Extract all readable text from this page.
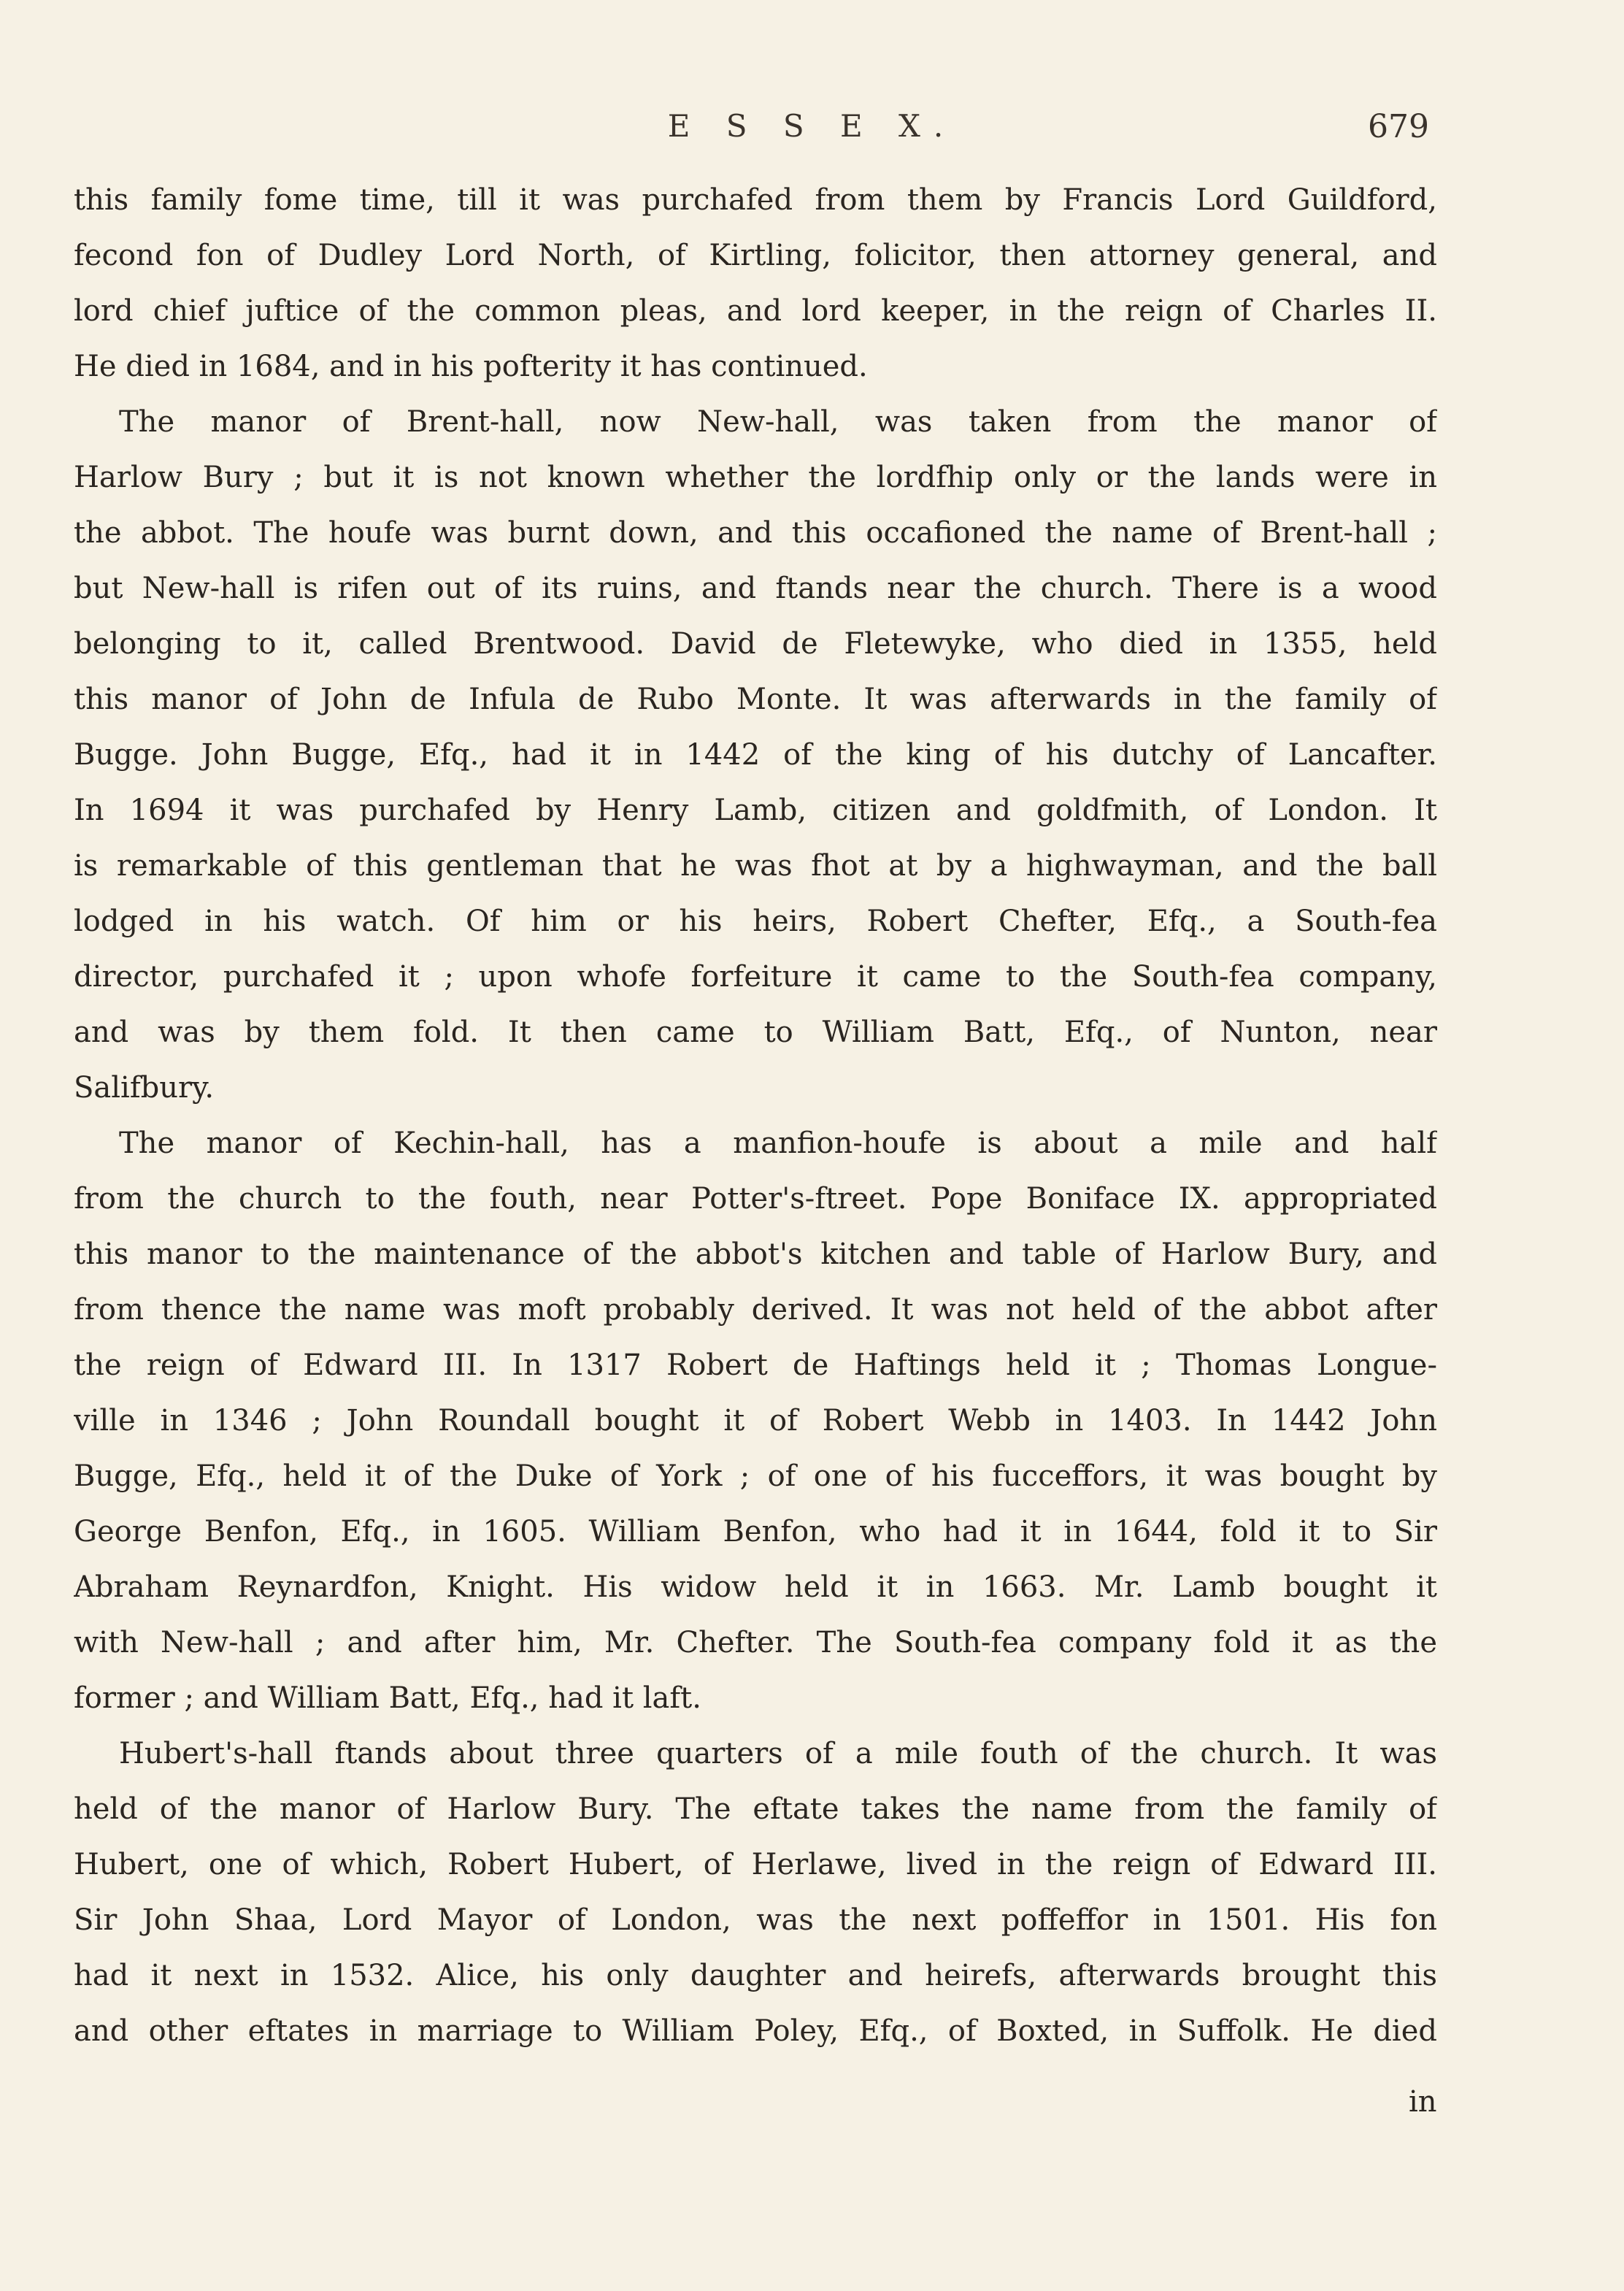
E S S E X.	679
this family fome time, till it was purchafed from them by Francis Lord Guildford,
fecond fon of Dudley Lord North, of Kirtling, folicitor, then attorney general, and
lord chief juftice of the common pleas, and lord keeper, in the reign of Charles II.
He died in 1684, and in his pofterity it has continued.
The manor of Brent-hall, now New-hall, was taken from the manor of
Harlow Bury ; but it is not known whether the lordfhip only or the lands were in
the abbot. The houfe was burnt down, and this occafioned the name of Brent-hall ;
but New-hall is rifen out of its ruins, and ftands near the church. There is a wood
belonging to it, called Brentwood. David de Fletewyke, who died in 1355, held
this manor of John de Infula de Rubo Monte. It was afterwards in the family of
Bugge. John Bugge, Efq., had it in 1442 of the king of his dutchy of Lancafter.
In 1694 it was purchafed by Henry Lamb, citizen and goldfmith, of London. It
is remarkable of this gentleman that he was fhot at by a highwayman, and the ball
lodged in his watch. Of him or his heirs, Robert Chefter, Efq., a South-fea
director, purchafed it ; upon whofe forfeiture it came to the South-fea company,
and was by them fold. It then came to William Batt, Efq., of Nunton, near
Salifbury.
The manor of Kechin-hall, has a manfion-houfe is about a mile and half
from the church to the fouth, near Potter's-ftreet. Pope Boniface IX. appropriated
this manor to the maintenance of the abbot's kitchen and table of Harlow Bury, and
from thence the name was moft probably derived. It was not held of the abbot after
the reign of Edward III. In 1317 Robert de Haftings held it ; Thomas Longue-
ville in 1346 ; John Roundall bought it of Robert Webb in 1403. In 1442 John
Bugge, Efq., held it of the Duke of York ; of one of his fucceffors, it was bought by
George Benfon, Efq., in 1605. William Benfon, who had it in 1644, fold it to Sir
Abraham Reynardfon, Knight. His widow held it in 1663. Mr. Lamb bought it
with New-hall ; and after him, Mr. Chefter. The South-fea company fold it as the
former ; and William Batt, Efq., had it laft.
Hubert's-hall ftands about three quarters of a mile fouth of the church. It was
held of the manor of Harlow Bury. The eftate takes the name from the family of
Hubert, one of which, Robert Hubert, of Herlawe, lived in the reign of Edward III.
Sir John Shaa, Lord Mayor of London, was the next poffeffor in 1501. His fon
had it next in 1532. Alice, his only daughter and heirefs, afterwards brought this
and other eftates in marriage to William Poley, Efq., of Boxted, in Suffolk. He died
in
